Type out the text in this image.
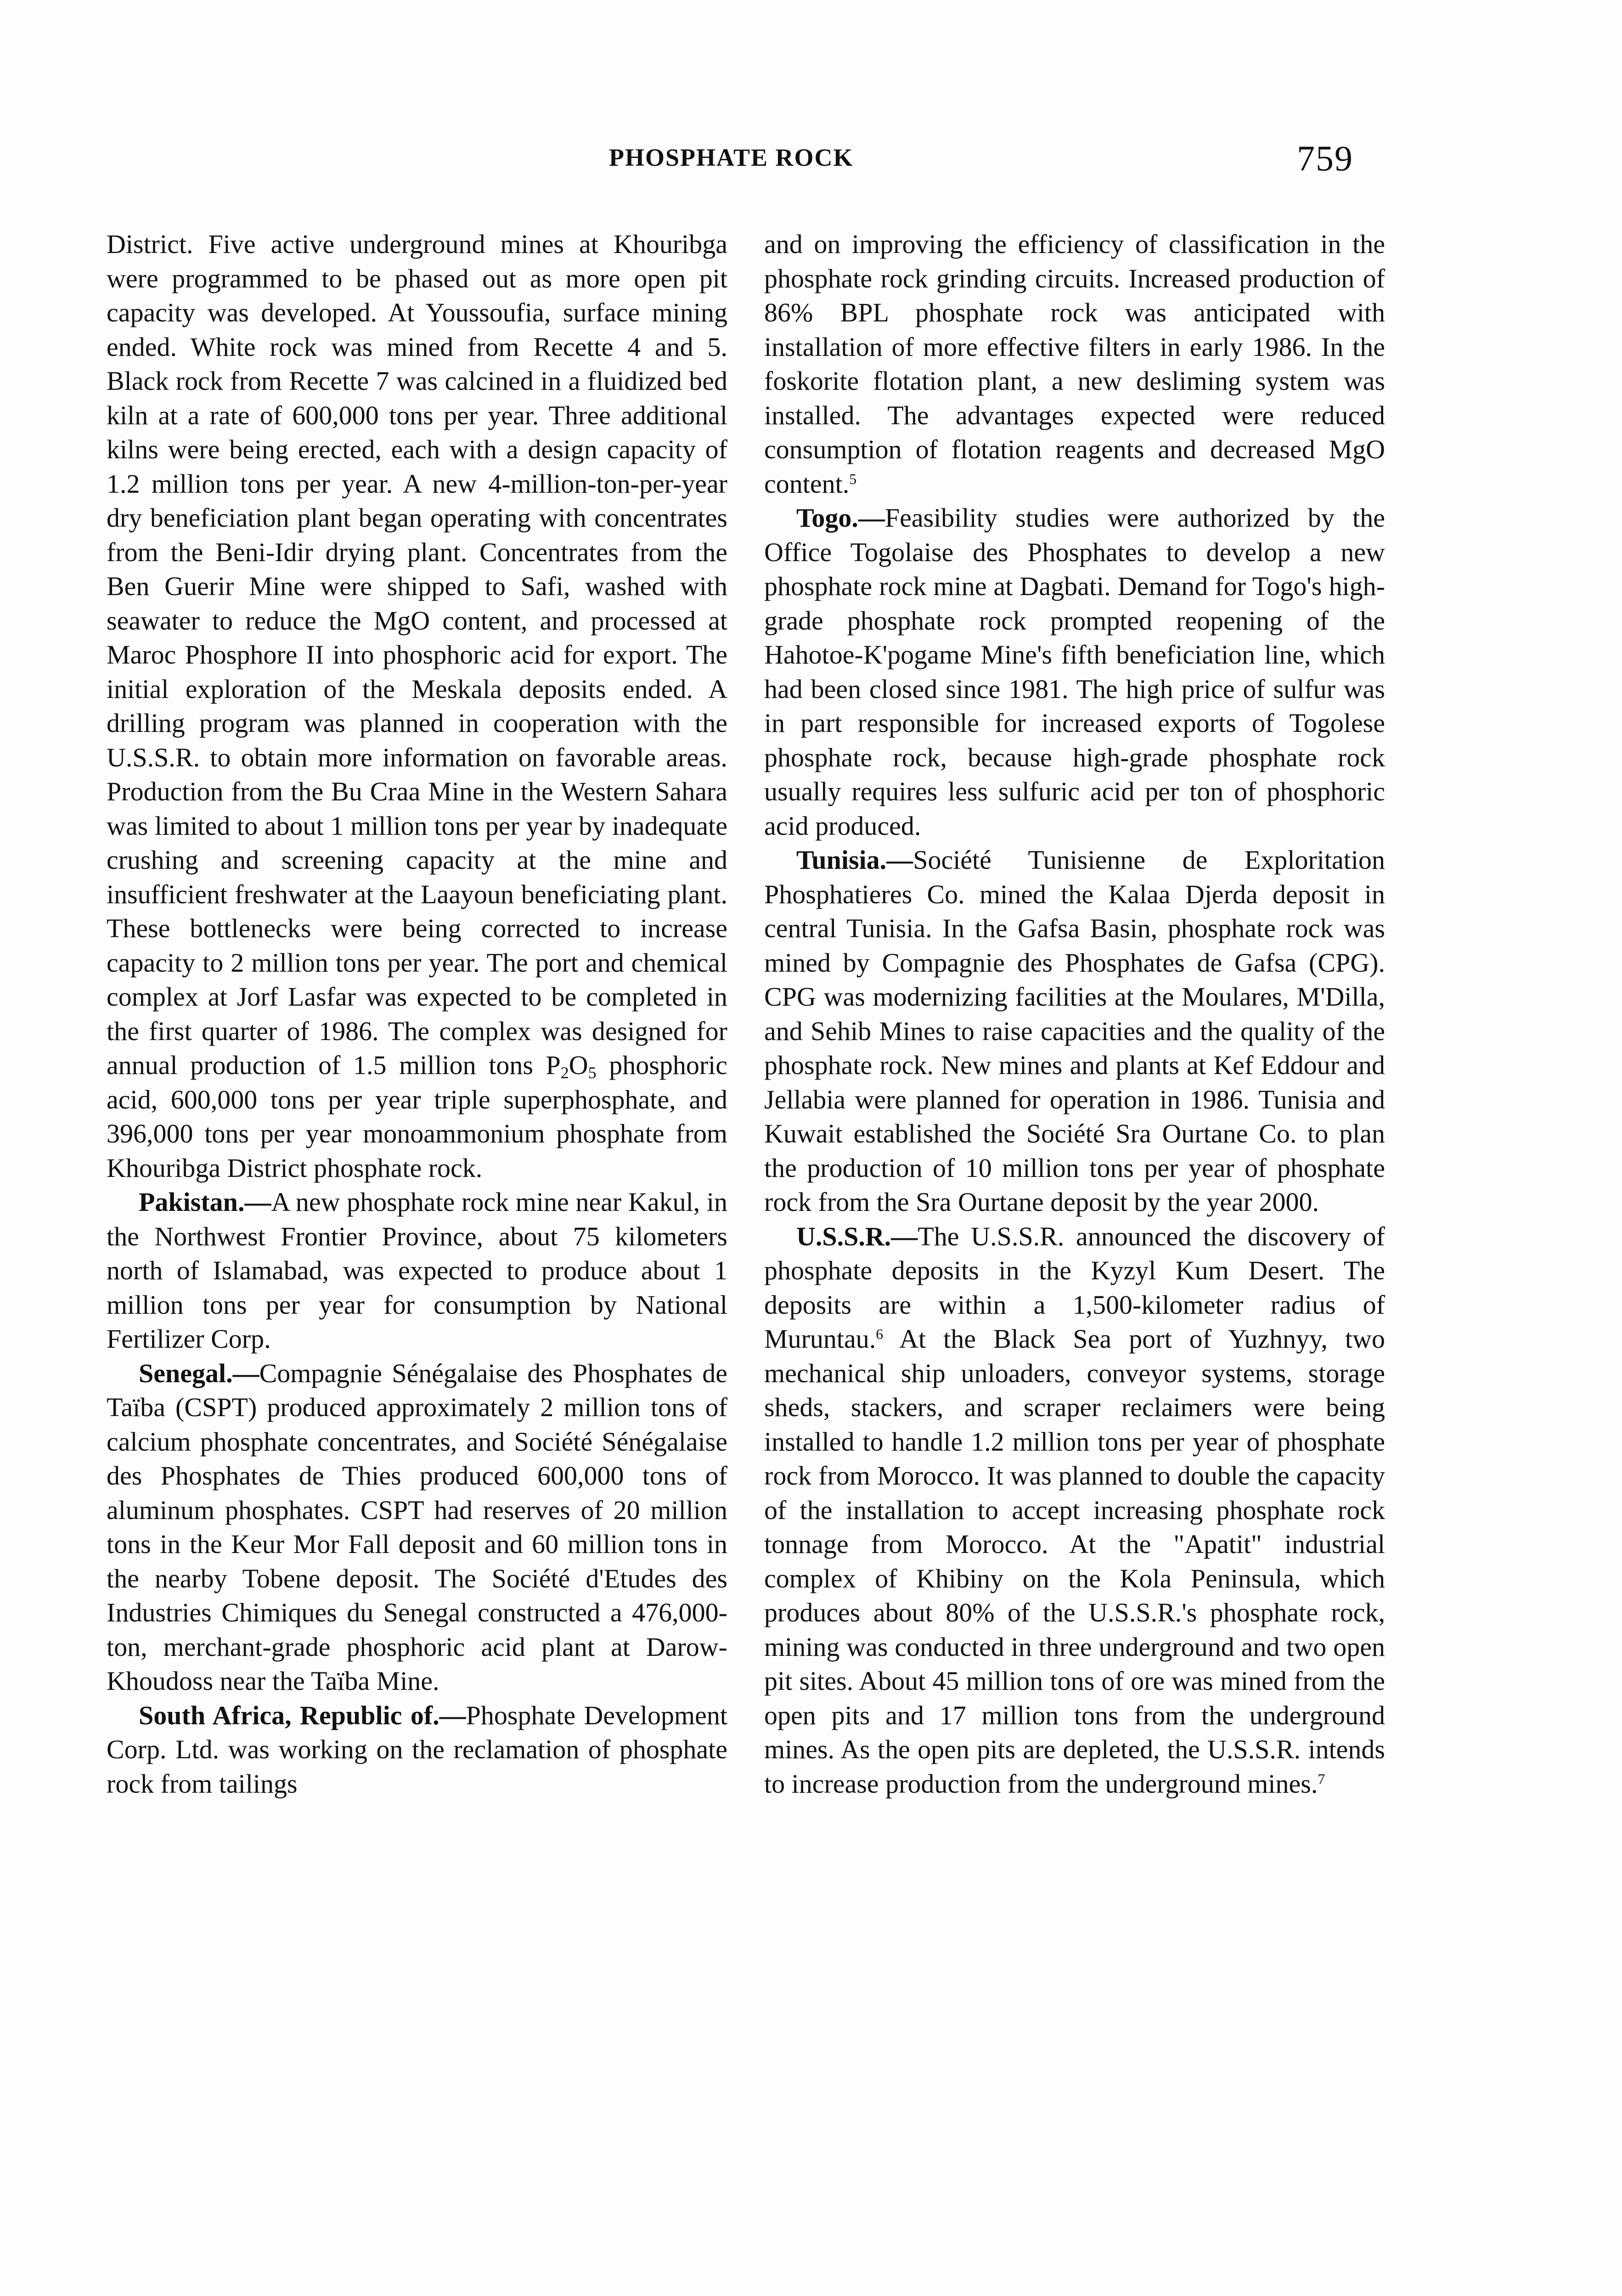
PHOSPHATE ROCK	759

District. Five active underground mines at Khouribga were programmed to be phased out as more open pit capacity was developed. At Youssoufia, surface mining ended. White rock was mined from Recette 4 and 5. Black rock from Recette 7 was calcined in a fluidized bed kiln at a rate of 600,000 tons per year. Three additional kilns were being erected, each with a design capacity of 1.2 million tons per year. A new 4-million-ton-per-year dry beneficiation plant began operating with concentrates from the Beni-Idir drying plant. Concentrates from the Ben Guerir Mine were shipped to Safi, washed with seawater to reduce the MgO content, and processed at Maroc Phosphore II into phosphoric acid for export. The initial exploration of the Meskala deposits ended. A drilling program was planned in cooperation with the U.S.S.R. to obtain more information on favorable areas. Production from the Bu Craa Mine in the Western Sahara was limited to about 1 million tons per year by inadequate crushing and screening capacity at the mine and insufficient freshwater at the Laayoun beneficiating plant. These bottlenecks were being corrected to increase capacity to 2 million tons per year. The port and chemical complex at Jorf Lasfar was expected to be completed in the first quarter of 1986. The complex was designed for annual production of 1.5 million tons $P_2O_5$ phosphoric acid, 600,000 tons per year triple superphosphate, and 396,000 tons per year monoammonium phosphate from Khouribga District phosphate rock.

Pakistan.—A new phosphate rock mine near Kakul, in the Northwest Frontier Province, about 75 kilometers north of Islamabad, was expected to produce about 1 million tons per year for consumption by National Fertilizer Corp.

Senegal.—Compagnie Sénégalaise des Phosphates de Taïba (CSPT) produced approximately 2 million tons of calcium phosphate concentrates, and Société Sénégalaise des Phosphates de Thies produced 600,000 tons of aluminum phosphates. CSPT had reserves of 20 million tons in the Keur Mor Fall deposit and 60 million tons in the nearby Tobene deposit. The Société d'Etudes des Industries Chimiques du Senegal constructed a 476,000-ton, merchant-grade phosphoric acid plant at Darow-Khoudoss near the Taïba Mine.

South Africa, Republic of.—Phosphate Development Corp. Ltd. was working on the reclamation of phosphate rock from tailings

and on improving the efficiency of classification in the phosphate rock grinding circuits. Increased production of 86% BPL phosphate rock was anticipated with installation of more effective filters in early 1986. In the foskorite flotation plant, a new desliming system was installed. The advantages expected were reduced consumption of flotation reagents and decreased MgO content.$^5$

Togo.—Feasibility studies were authorized by the Office Togolaise des Phosphates to develop a new phosphate rock mine at Dagbati. Demand for Togo's high-grade phosphate rock prompted reopening of the Hahotoe-K'pogame Mine's fifth beneficiation line, which had been closed since 1981. The high price of sulfur was in part responsible for increased exports of Togolese phosphate rock, because high-grade phosphate rock usually requires less sulfuric acid per ton of phosphoric acid produced.

Tunisia.—Société Tunisienne de Exploritation Phosphatieres Co. mined the Kalaa Djerda deposit in central Tunisia. In the Gafsa Basin, phosphate rock was mined by Compagnie des Phosphates de Gafsa (CPG). CPG was modernizing facilities at the Moulares, M'Dilla, and Sehib Mines to raise capacities and the quality of the phosphate rock. New mines and plants at Kef Eddour and Jellabia were planned for operation in 1986. Tunisia and Kuwait established the Société Sra Ourtane Co. to plan the production of 10 million tons per year of phosphate rock from the Sra Ourtane deposit by the year 2000.

U.S.S.R.—The U.S.S.R. announced the discovery of phosphate deposits in the Kyzyl Kum Desert. The deposits are within a 1,500-kilometer radius of Muruntau.$^6$ At the Black Sea port of Yuzhnyy, two mechanical ship unloaders, conveyor systems, storage sheds, stackers, and scraper reclaimers were being installed to handle 1.2 million tons per year of phosphate rock from Morocco. It was planned to double the capacity of the installation to accept increasing phosphate rock tonnage from Morocco. At the "Apatit" industrial complex of Khibiny on the Kola Peninsula, which produces about 80% of the U.S.S.R.'s phosphate rock, mining was conducted in three underground and two open pit sites. About 45 million tons of ore was mined from the open pits and 17 million tons from the underground mines. As the open pits are depleted, the U.S.S.R. intends to increase production from the underground mines.$^7$
